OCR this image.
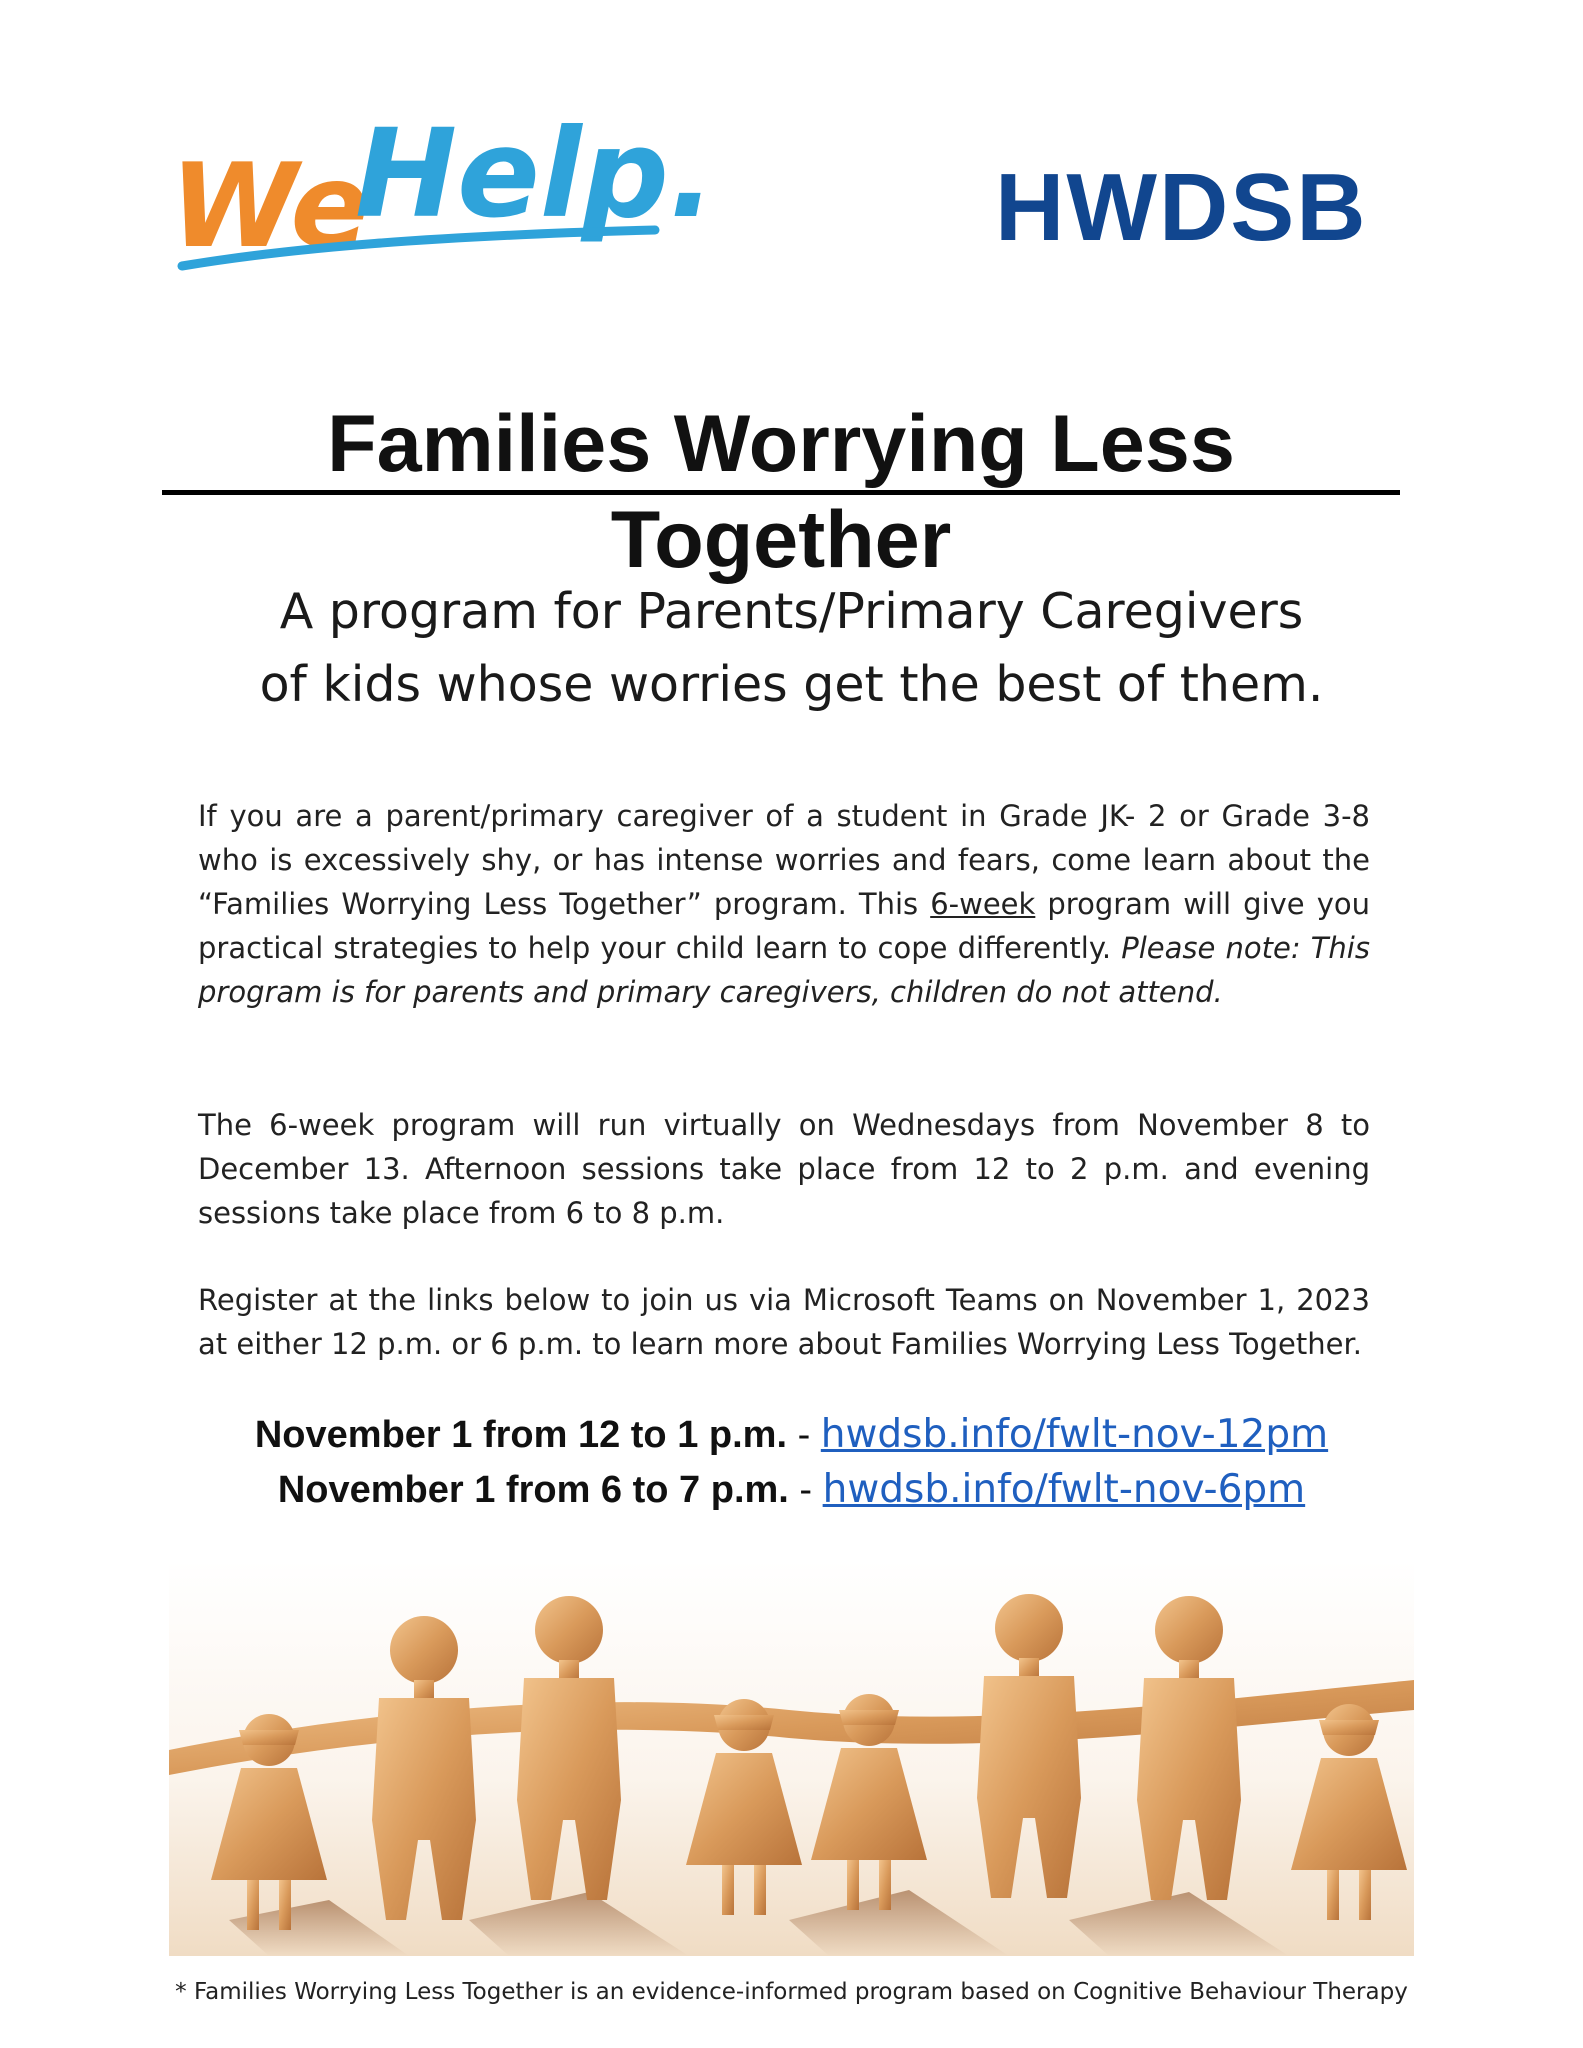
We
Help.	HWDSB
Families Worrying Less Together
A program for Parents/Primary Caregivers
of kids whose worries get the best of them.
If you are a parent/primary caregiver of a student in Grade JK- 2 or Grade 3-8 who is excessively shy, or has intense worries and fears, come learn about the “Families Worrying Less Together” program. This 6-week program will give you practical strategies to help your child learn to cope differently. Please note: This program is for parents and primary caregivers, children do not attend.
The 6-week program will run virtually on Wednesdays from November 8 to December 13. Afternoon sessions take place from 12 to 2 p.m. and evening sessions take place from 6 to 8 p.m.
Register at the links below to join us via Microsoft Teams on November 1, 2023 at either 12 p.m. or 6 p.m. to learn more about Families Worrying Less Together.
November 1 from 12 to 1 p.m. - hwdsb.info/fwlt-nov-12pm
November 1 from 6 to 7 p.m. - hwdsb.info/fwlt-nov-6pm
* Families Worrying Less Together is an evidence-informed program based on Cognitive Behaviour Therapy
